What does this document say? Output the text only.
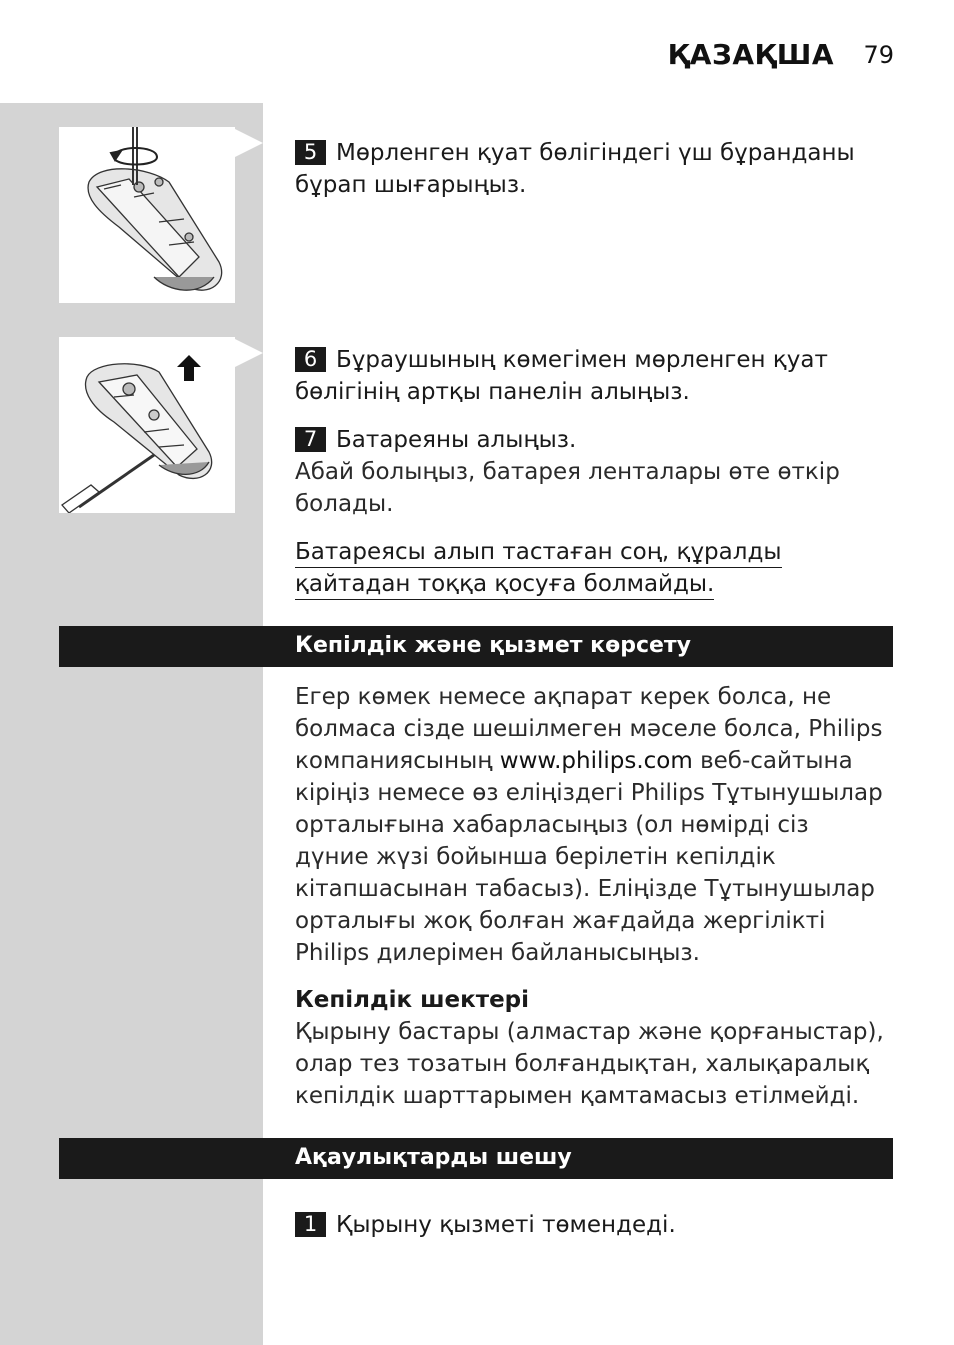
ҚАЗАҚША 79
5 Мөрленген қуат бөлігіндегі үш бұранданы бұрап шығарыңыз.
6 Бұраушының көмегімен мөрленген қуат бөлігінің артқы панелін алыңыз.
7 Батареяны алыңыз.
Абай болыңыз, батарея ленталары өте өткір болады.
Батареясы алып тастаған соң, құралды қайтадан тоққа қосуға болмайды.
Кепілдік және қызмет көрсету
Егер көмек немесе ақпарат керек болса, не болмаса сізде шешілмеген мәселе болса, Philips компаниясының www.philips.com веб-сайтына кіріңіз немесе өз еліңіздегі Philips Тұтынушылар орталығына хабарласыңыз (ол нөмірді сіз дүние жүзі бойынша берілетін кепілдік кітапшасынан табасыз). Еліңізде Тұтынушылар орталығы жоқ болған жағдайда жергілікті Philips дилерімен байланысыңыз.
Кепілдік шектері
Қырыну бастары (алмастар және қорғаныстар), олар тез тозатын болғандықтан, халықаралық кепілдік шарттарымен қамтамасыз етілмейді.
Ақаулықтарды шешу
1 Қырыну қызметі төмендеді.
